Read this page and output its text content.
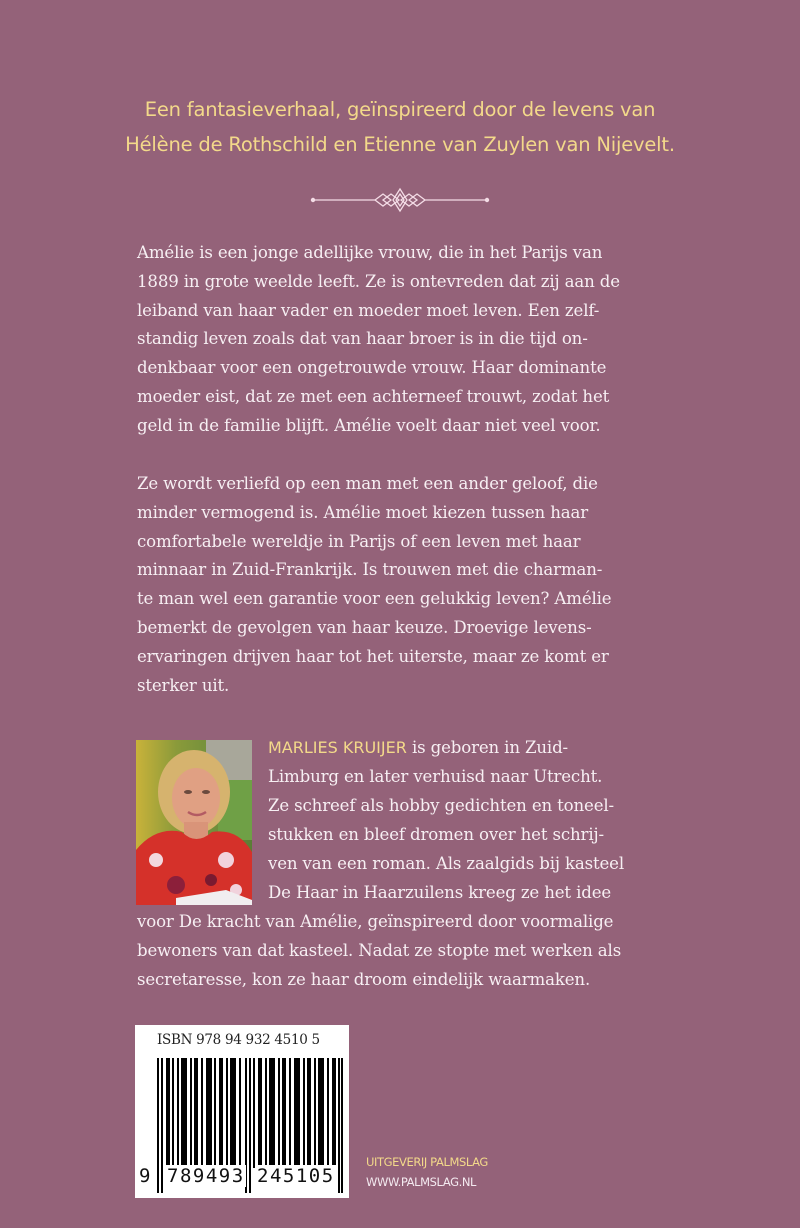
Een fantasieverhaal, geïnspireerd door de levens van
Hélène de Rothschild en Etienne van Zuylen van Nijevelt.
Amélie is een jonge adellijke vrouw, die in het Parijs van
1889 in grote weelde leeft. Ze is ontevreden dat zij aan de
leiband van haar vader en moeder moet leven. Een zelf-
standig leven zoals dat van haar broer is in die tijd on-
denkbaar voor een ongetrouwde vrouw. Haar dominante
moeder eist, dat ze met een achterneef trouwt, zodat het
geld in de familie blijft. Amélie voelt daar niet veel voor.
Ze wordt verliefd op een man met een ander geloof, die
minder vermogend is. Amélie moet kiezen tussen haar
comfortabele wereldje in Parijs of een leven met haar
minnaar in Zuid-Frankrijk. Is trouwen met die charman-
te man wel een garantie voor een gelukkig leven? Amélie
bemerkt de gevolgen van haar keuze. Droevige levens-
ervaringen drijven haar tot het uiterste, maar ze komt er
sterker uit.
MARLIES KRUIJER is geboren in Zuid-
Limburg en later verhuisd naar Utrecht.
Ze schreef als hobby gedichten en toneel-
stukken en bleef dromen over het schrij-
ven van een roman. Als zaalgids bij kasteel
De Haar in Haarzuilens kreeg ze het idee
voor De kracht van Amélie, geïnspireerd door voormalige
bewoners van dat kasteel. Nadat ze stopte met werken als
secretaresse, kon ze haar droom eindelijk waarmaken.
ISBN 978 94 932 4510 5
9 789493 245105
UITGEVERIJ PALMSLAG
WWW.PALMSLAG.NL
